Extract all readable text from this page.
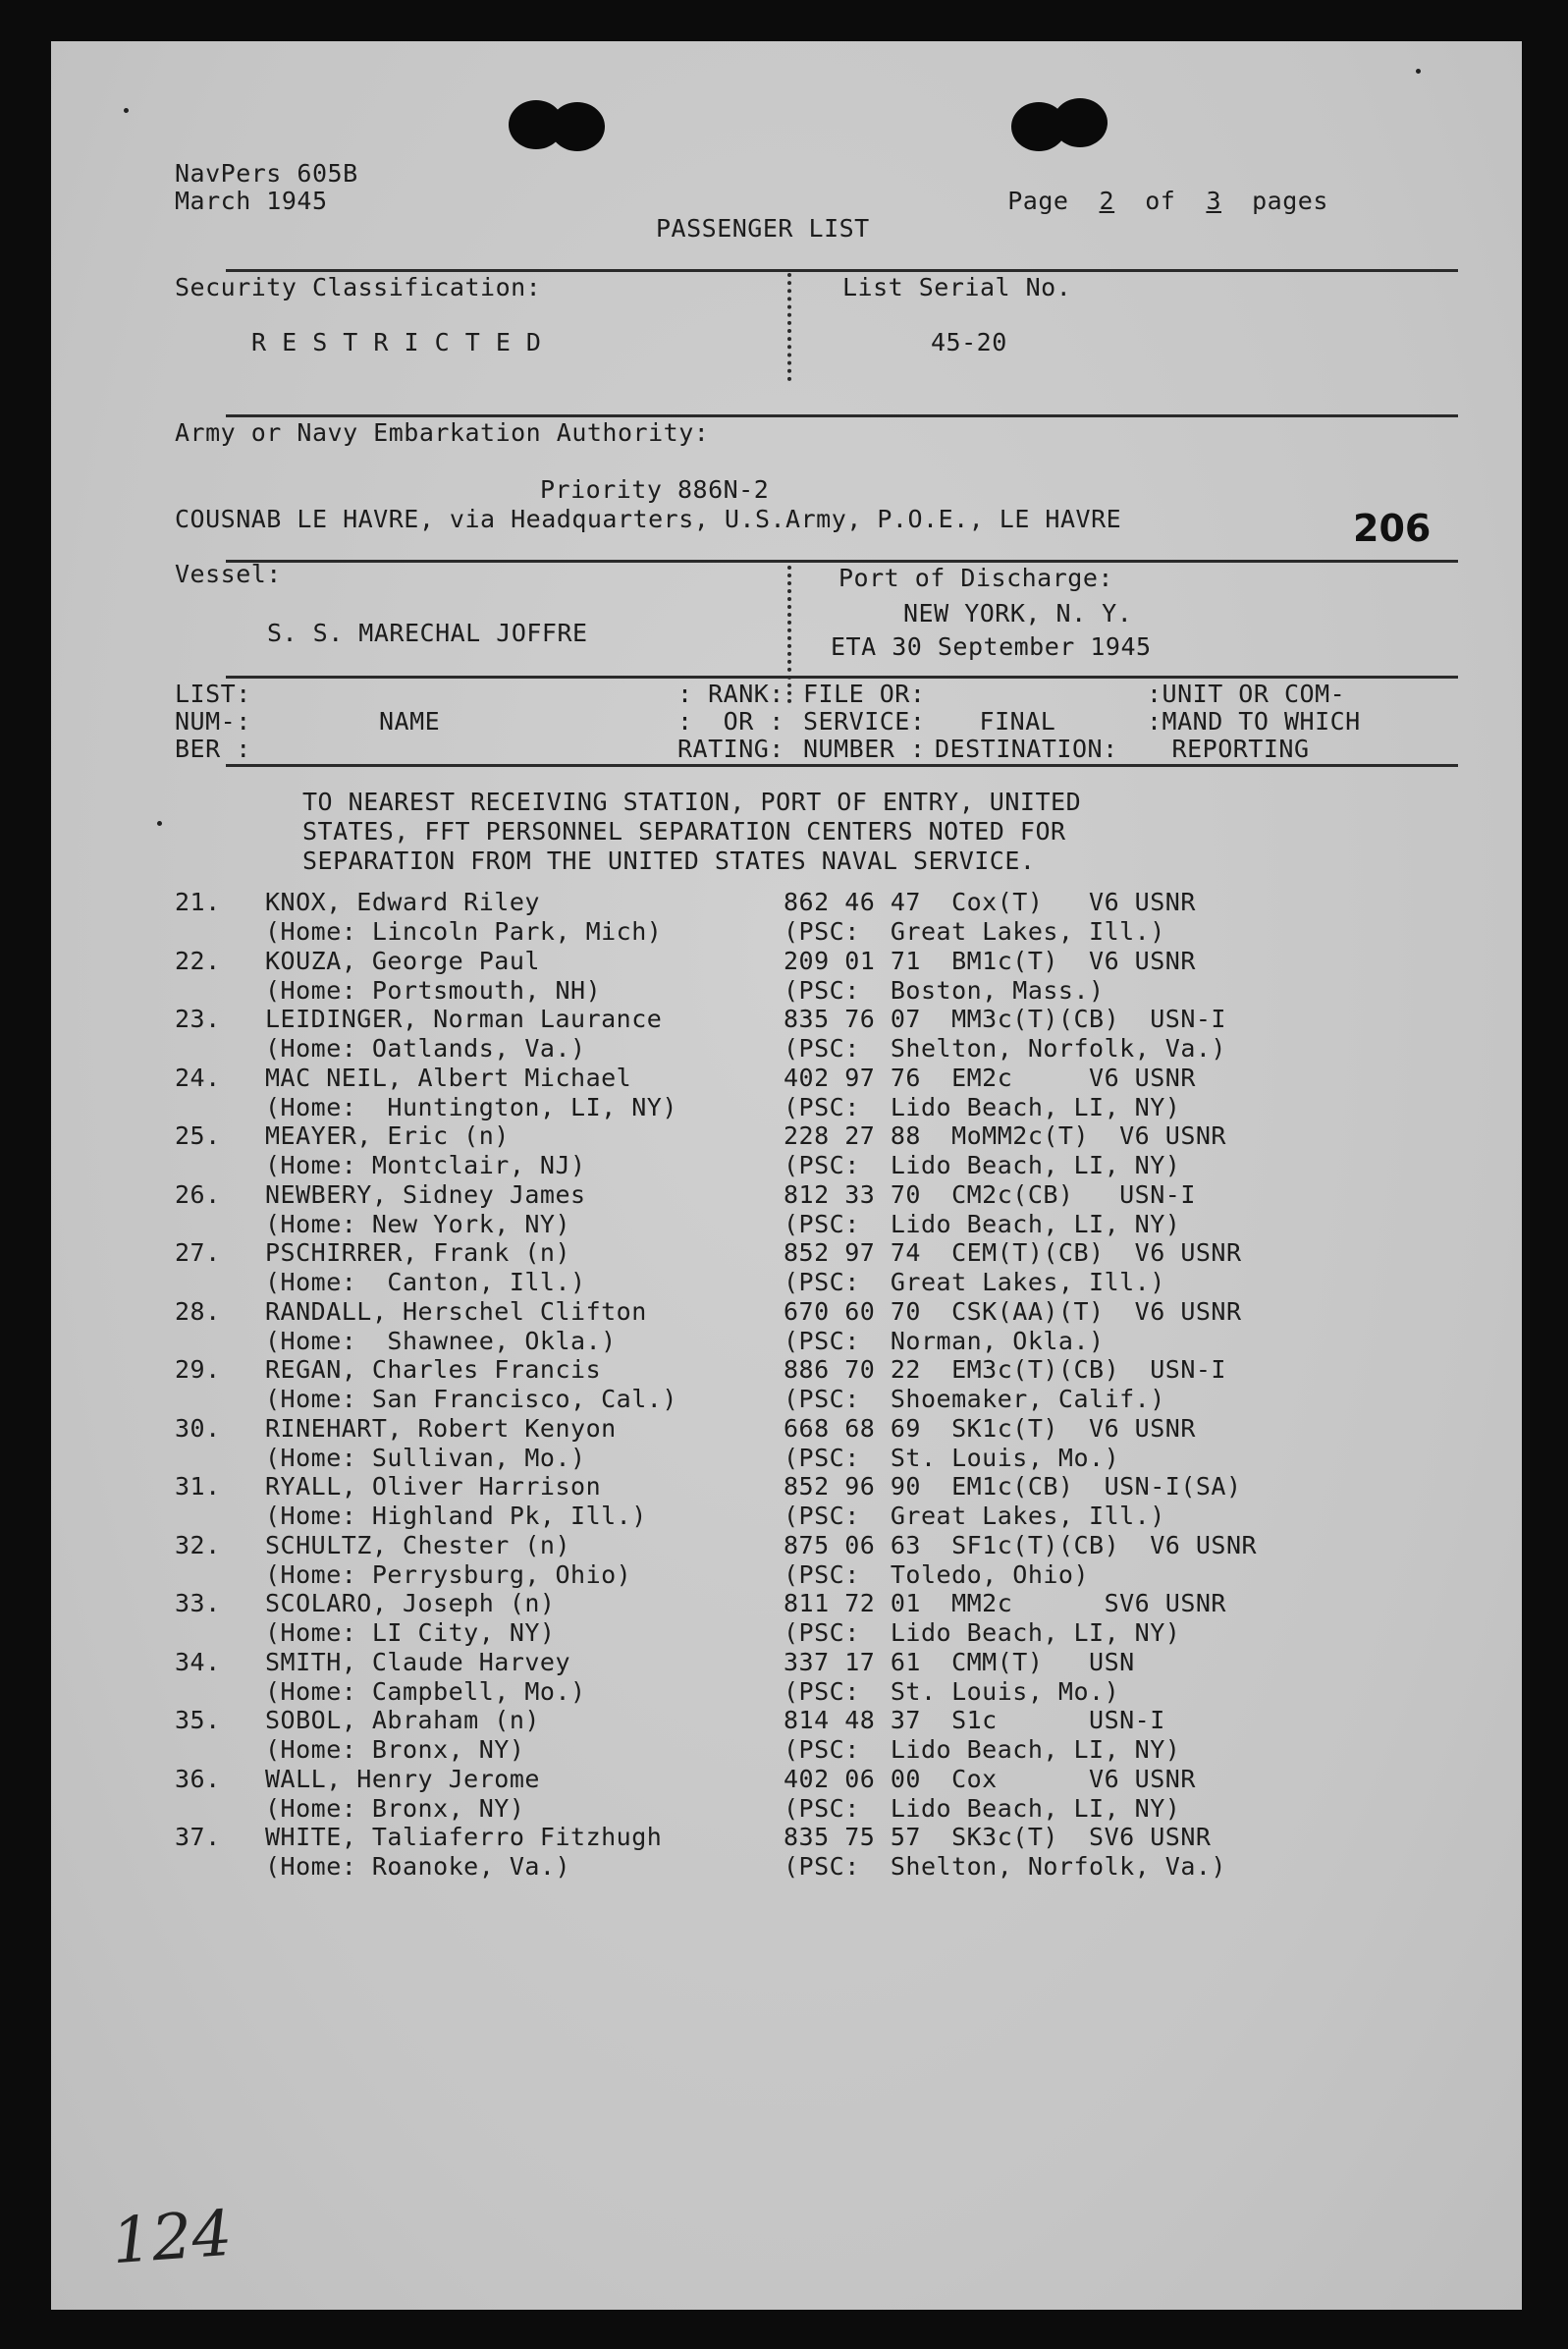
NavPers 605B
March 1945	Page 2 of 3 pages

PASSENGER LIST
Security Classification:
R E S T R I C T E D
List Serial No.
45-20
Army or Navy Embarkation Authority:
Priority 886N-2
COUSNAB LE HAVRE, via Headquarters, U.S.Army, P.O.E., LE HAVRE	206
Vessel:
S. S. MARECHAL JOFFRE
Port of Discharge:
NEW YORK, N. Y.
ETA 30 September 1945
LIST:
NUM-:
BER :
NAME
: RANK:
:  OR :
RATING:
FILE OR:
SERVICE:
NUMBER :
FINAL
DESTINATION:
:UNIT OR COM-
:MAND TO WHICH
REPORTING
TO NEAREST RECEIVING STATION, PORT OF ENTRY, UNITED
STATES, FFT PERSONNEL SEPARATION CENTERS NOTED FOR
SEPARATION FROM THE UNITED STATES NAVAL SERVICE.
21. KNOX, Edward Riley
(Home: Lincoln Park, Mich)
862 46 47  Cox(T)   V6 USNR
(PSC:  Great Lakes, Ill.)
22. KOUZA, George Paul
(Home: Portsmouth, NH)
209 01 71  BM1c(T)  V6 USNR
(PSC:  Boston, Mass.)
23. LEIDINGER, Norman Laurance
(Home: Oatlands, Va.)
835 76 07  MM3c(T)(CB)  USN-I
(PSC:  Shelton, Norfolk, Va.)
24. MAC NEIL, Albert Michael
(Home:  Huntington, LI, NY)
402 97 76  EM2c     V6 USNR
(PSC:  Lido Beach, LI, NY)
25. MEAYER, Eric (n)
(Home: Montclair, NJ)
228 27 88  MoMM2c(T)  V6 USNR
(PSC:  Lido Beach, LI, NY)
26. NEWBERY, Sidney James
(Home: New York, NY)
812 33 70  CM2c(CB)   USN-I
(PSC:  Lido Beach, LI, NY)
27. PSCHIRRER, Frank (n)
(Home:  Canton, Ill.)
852 97 74  CEM(T)(CB)  V6 USNR
(PSC:  Great Lakes, Ill.)
28. RANDALL, Herschel Clifton
(Home:  Shawnee, Okla.)
670 60 70  CSK(AA)(T)  V6 USNR
(PSC:  Norman, Okla.)
29. REGAN, Charles Francis
(Home: San Francisco, Cal.)
886 70 22  EM3c(T)(CB)  USN-I
(PSC:  Shoemaker, Calif.)
30. RINEHART, Robert Kenyon
(Home: Sullivan, Mo.)
668 68 69  SK1c(T)  V6 USNR
(PSC:  St. Louis, Mo.)
31. RYALL, Oliver Harrison
(Home: Highland Pk, Ill.)
852 96 90  EM1c(CB)  USN-I(SA)
(PSC:  Great Lakes, Ill.)
32. SCHULTZ, Chester (n)
(Home: Perrysburg, Ohio)
875 06 63  SF1c(T)(CB)  V6 USNR
(PSC:  Toledo, Ohio)
33. SCOLARO, Joseph (n)
(Home: LI City, NY)
811 72 01  MM2c      SV6 USNR
(PSC:  Lido Beach, LI, NY)
34. SMITH, Claude Harvey
(Home: Campbell, Mo.)
337 17 61  CMM(T)   USN
(PSC:  St. Louis, Mo.)
35. SOBOL, Abraham (n)
(Home: Bronx, NY)
814 48 37  S1c      USN-I
(PSC:  Lido Beach, LI, NY)
36. WALL, Henry Jerome
(Home: Bronx, NY)
402 06 00  Cox      V6 USNR
(PSC:  Lido Beach, LI, NY)
37. WHITE, Taliaferro Fitzhugh
(Home: Roanoke, Va.)
835 75 57  SK3c(T)  SV6 USNR
(PSC:  Shelton, Norfolk, Va.)
124
